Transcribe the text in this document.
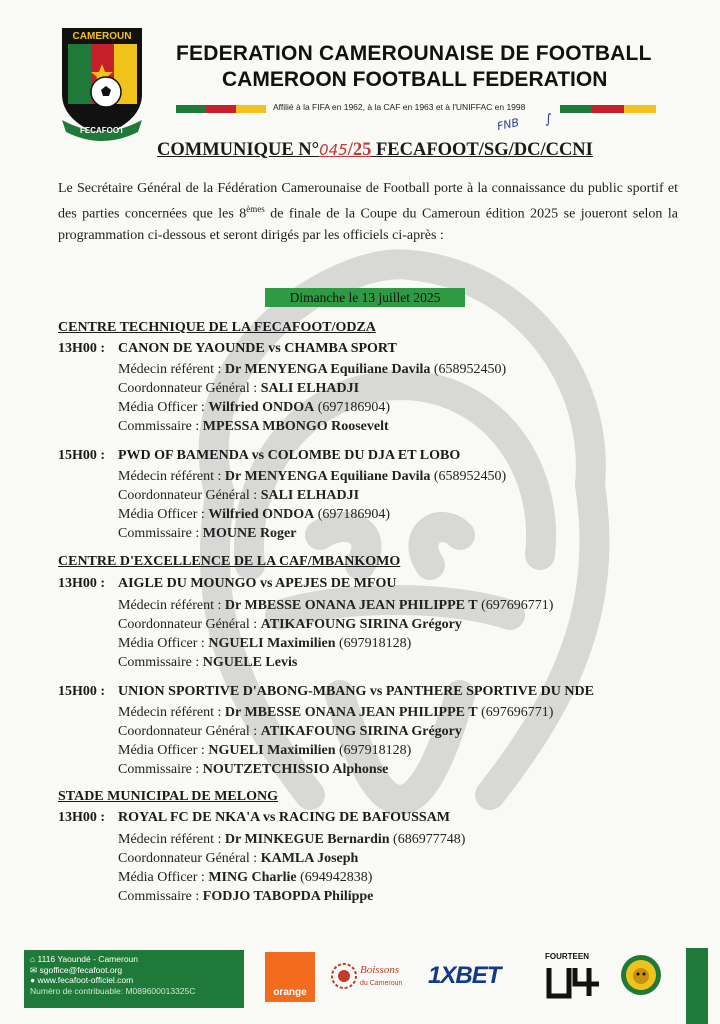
CAMEROUN
FECAFOOT
FEDERATION CAMEROUNAISE DE FOOTBALL
CAMEROON FOOTBALL FEDERATION
Affilié à la FIFA en 1962, à la CAF en 1963 et à l'UNIFFAC en 1998
FNB ∫
COMMUNIQUE N°045/25 FECAFOOT/SG/DC/CCNI
Le Secrétaire Général de la Fédération Camerounaise de Football porte à la connaissance du public sportif et des parties concernées que les 8èmes de finale de la Coupe du Cameroun édition 2025 se joueront selon la programmation ci-dessous et seront dirigés par les officiels ci-après :
Dimanche le 13 juillet 2025
CENTRE TECHNIQUE DE LA FECAFOOT/ODZA
13H00 : CANON DE YAOUNDE vs CHAMBA SPORT
Médecin référent : Dr MENYENGA Equiliane Davila (658952450)
Coordonnateur Général : SALI ELHADJI
Média Officer : Wilfried ONDOA (697186904)
Commissaire : MPESSA MBONGO Roosevelt
15H00 : PWD OF BAMENDA vs COLOMBE DU DJA ET LOBO
Médecin référent : Dr MENYENGA Equiliane Davila (658952450)
Coordonnateur Général : SALI ELHADJI
Média Officer : Wilfried ONDOA (697186904)
Commissaire : MOUNE Roger
CENTRE D'EXCELLENCE DE LA CAF/MBANKOMO
13H00 : AIGLE DU MOUNGO vs APEJES DE MFOU
Médecin référent : Dr MBESSE ONANA JEAN PHILIPPE T (697696771)
Coordonnateur Général : ATIKAFOUNG SIRINA Grégory
Média Officer : NGUELI Maximilien (697918128)
Commissaire : NGUELE Levis
15H00 : UNION SPORTIVE D'ABONG-MBANG vs PANTHERE SPORTIVE DU NDE
Médecin référent : Dr MBESSE ONANA JEAN PHILIPPE T (697696771)
Coordonnateur Général : ATIKAFOUNG SIRINA Grégory
Média Officer : NGUELI Maximilien (697918128)
Commissaire : NOUTZETCHISSIO Alphonse
STADE MUNICIPAL DE MELONG
13H00 : ROYAL FC DE NKA'A vs RACING DE BAFOUSSAM
Médecin référent : Dr MINKEGUE Bernardin (686977748)
Coordonnateur Général : KAMLA Joseph
Média Officer : MING Charlie (694942838)
Commissaire : FODJO TABOPDA Philippe
⌂ 1116 Yaoundé - Cameroun
✉ sgoffice@fecafoot.org
● www.fecafoot-officiel.com
Numéro de contribuable: M089600013325C	orange
Boissons
du Cameroun 1XBET
FOURTEEN
